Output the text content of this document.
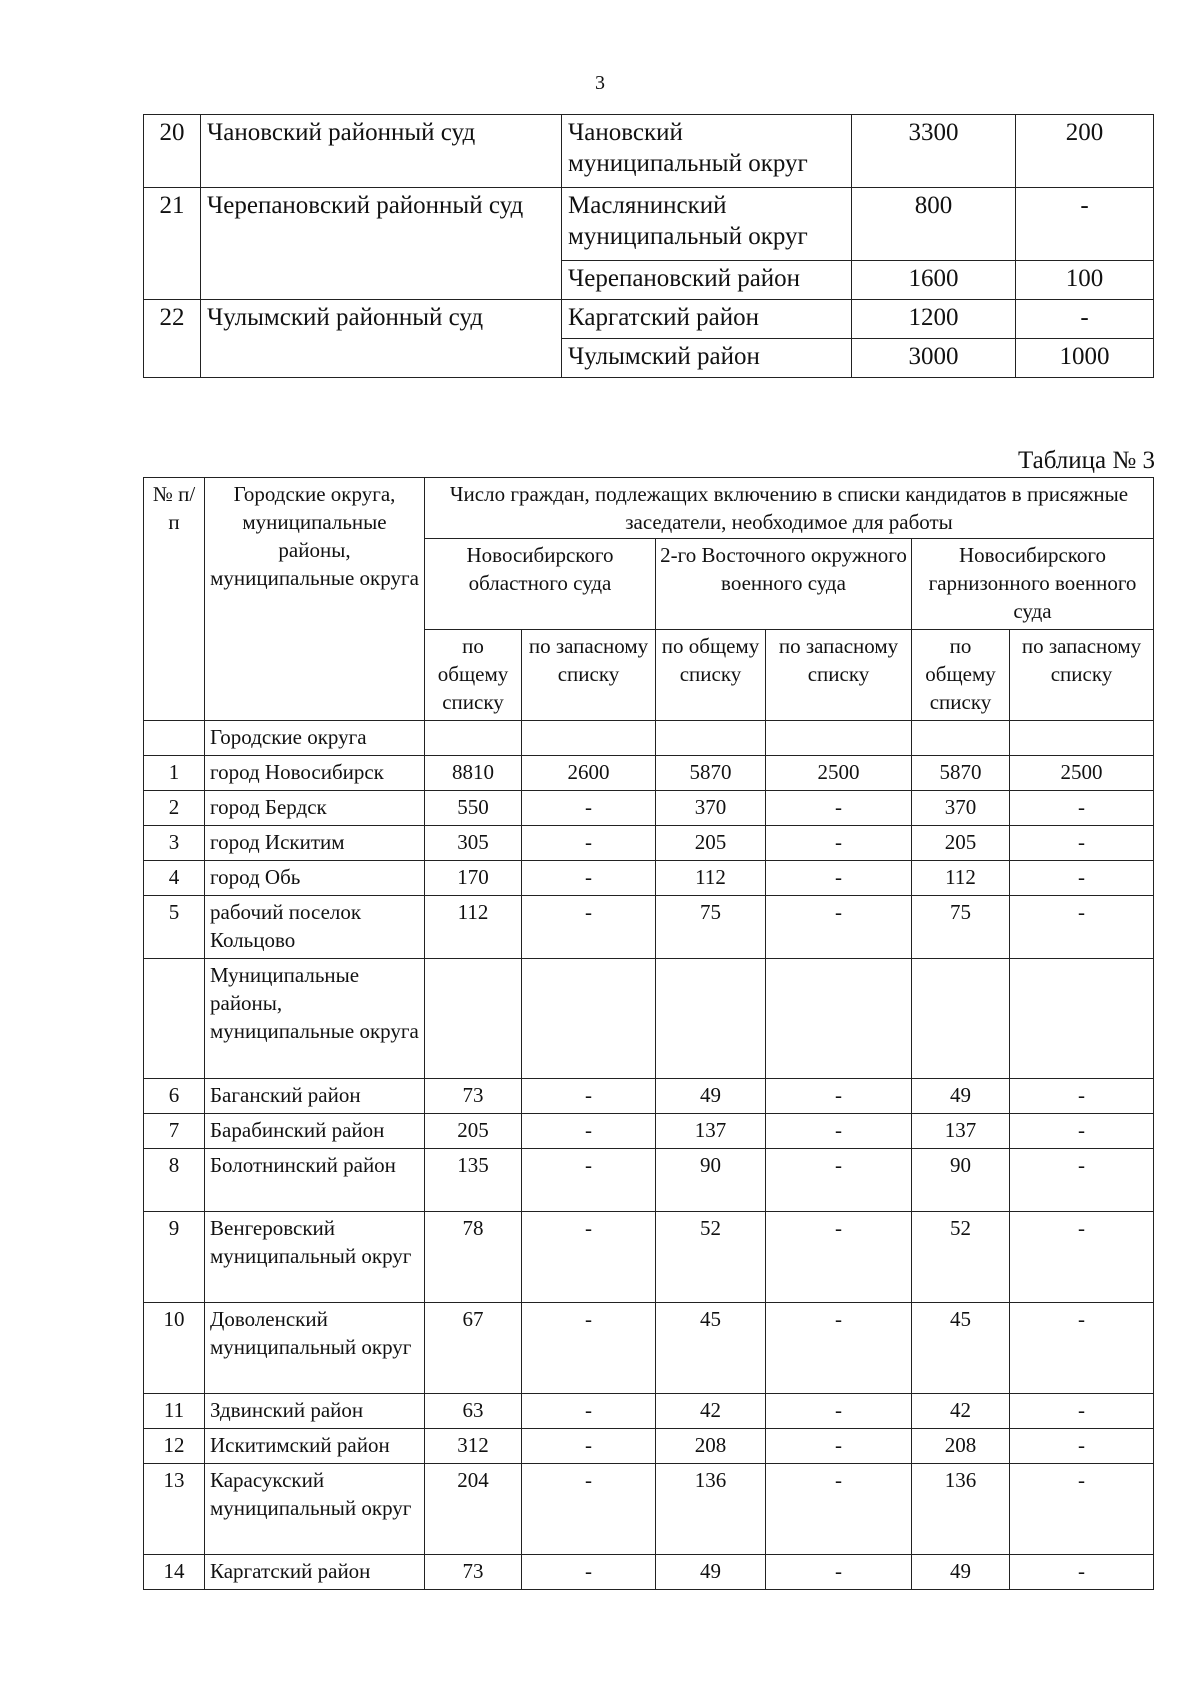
3
20	Чановский районный суд	Чановский муниципальный округ	3300	200
21	Черепановский районный суд	Маслянинский муниципальный округ	800	-
		Черепановский район	1600	100
22	Чулымский районный суд	Каргатский район	1200	-
		Чулымский район	3000	1000
Таблица № 3
№ п/п	Городские округа, муниципальные районы, муниципальные округа	Число граждан, подлежащих включению в списки кандидатов в присяжные заседатели, необходимое для работы					
		Новосибирского областного суда		2-го Восточного окружного военного суда		Новосибирского гарнизонного военного суда	
		по общему списку	по запасному списку	по общему списку	по запасному списку	по общему списку	по запасному списку
	Городские округа						
1	город Новосибирск	8810	2600	5870	2500	5870	2500
2	город Бердск	550	-	370	-	370	-
3	город Искитим	305	-	205	-	205	-
4	город Обь	170	-	112	-	112	-
5	рабочий поселок Кольцово	112	-	75	-	75	-
	Муниципальные районы, муниципальные округа						
6	Баганский район	73	-	49	-	49	-
7	Барабинский район	205	-	137	-	137	-
8	Болотнинский район	135	-	90	-	90	-
9	Венгеровский муниципальный округ	78	-	52	-	52	-
10	Доволенский муниципальный округ	67	-	45	-	45	-
11	Здвинский район	63	-	42	-	42	-
12	Искитимский район	312	-	208	-	208	-
13	Карасукский муниципальный округ	204	-	136	-	136	-
14	Каргатский район	73	-	49	-	49	-
